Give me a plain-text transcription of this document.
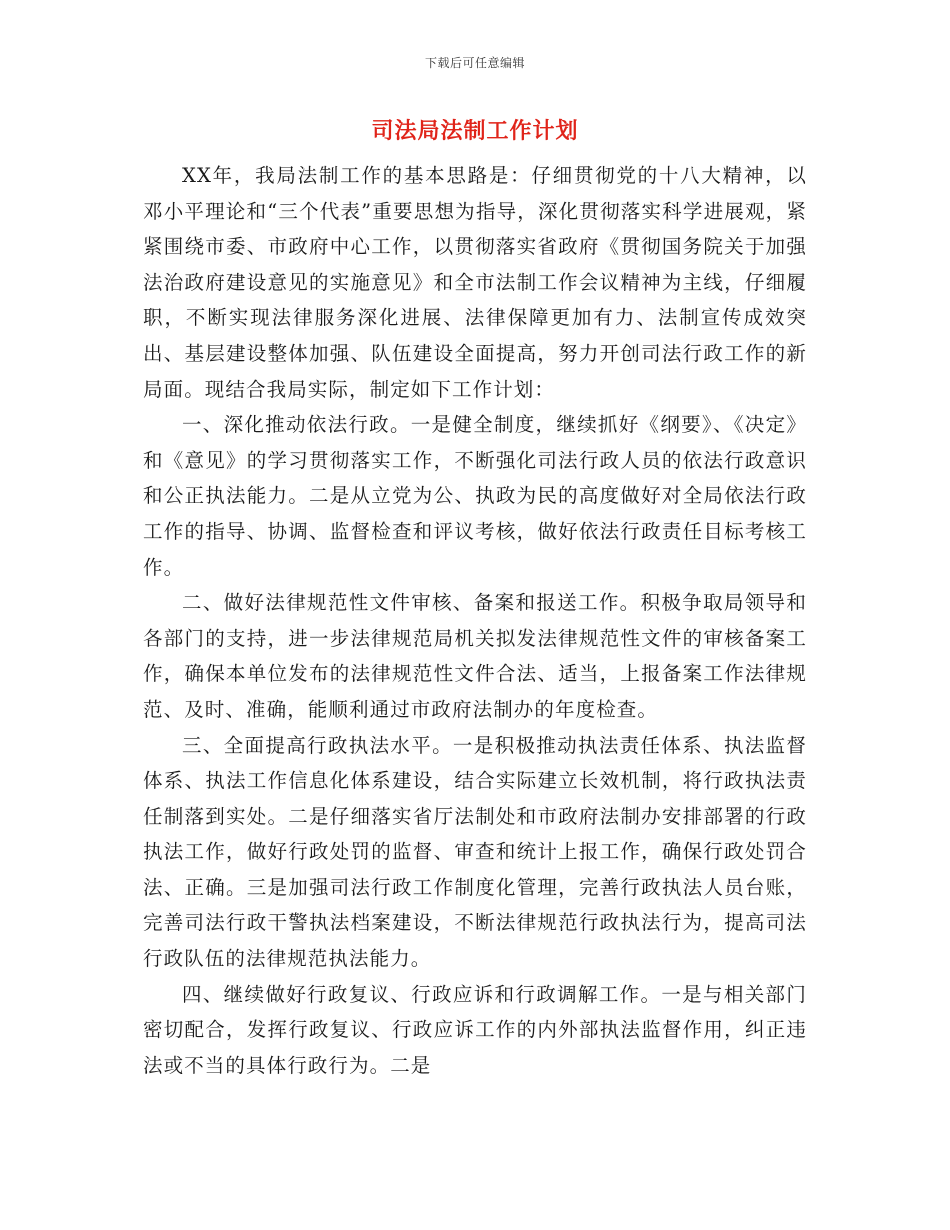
下载后可任意编辑
司法局法制工作计划

XX年，我局法制工作的基本思路是：仔细贯彻党的十八大精神，以邓小平理论和“三个代表”重要思想为指导，深化贯彻落实科学进展观，紧紧围绕市委、市政府中心工作，以贯彻落实省政府《贯彻国务院关于加强法治政府建设意见的实施意见》和全市法制工作会议精神为主线，仔细履职，不断实现法律服务深化进展、法律保障更加有力、法制宣传成效突出、基层建设整体加强、队伍建设全面提高，努力开创司法行政工作的新局面。现结合我局实际，制定如下工作计划：

一、深化推动依法行政。一是健全制度，继续抓好《纲要》、《决定》和《意见》的学习贯彻落实工作，不断强化司法行政人员的依法行政意识和公正执法能力。二是从立党为公、执政为民的高度做好对全局依法行政工作的指导、协调、监督检查和评议考核，做好依法行政责任目标考核工作。

二、做好法律规范性文件审核、备案和报送工作。积极争取局领导和各部门的支持，进一步法律规范局机关拟发法律规范性文件的审核备案工作，确保本单位发布的法律规范性文件合法、适当，上报备案工作法律规范、及时、准确，能顺利通过市政府法制办的年度检查。

三、全面提高行政执法水平。一是积极推动执法责任体系、执法监督体系、执法工作信息化体系建设，结合实际建立长效机制，将行政执法责任制落到实处。二是仔细落实省厅法制处和市政府法制办安排部署的行政执法工作，做好行政处罚的监督、审查和统计上报工作，确保行政处罚合法、正确。三是加强司法行政工作制度化管理，完善行政执法人员台账，完善司法行政干警执法档案建设，不断法律规范行政执法行为，提高司法行政队伍的法律规范执法能力。

四、继续做好行政复议、行政应诉和行政调解工作。一是与相关部门密切配合，发挥行政复议、行政应诉工作的内外部执法监督作用，纠正违法或不当的具体行政行为。二是
